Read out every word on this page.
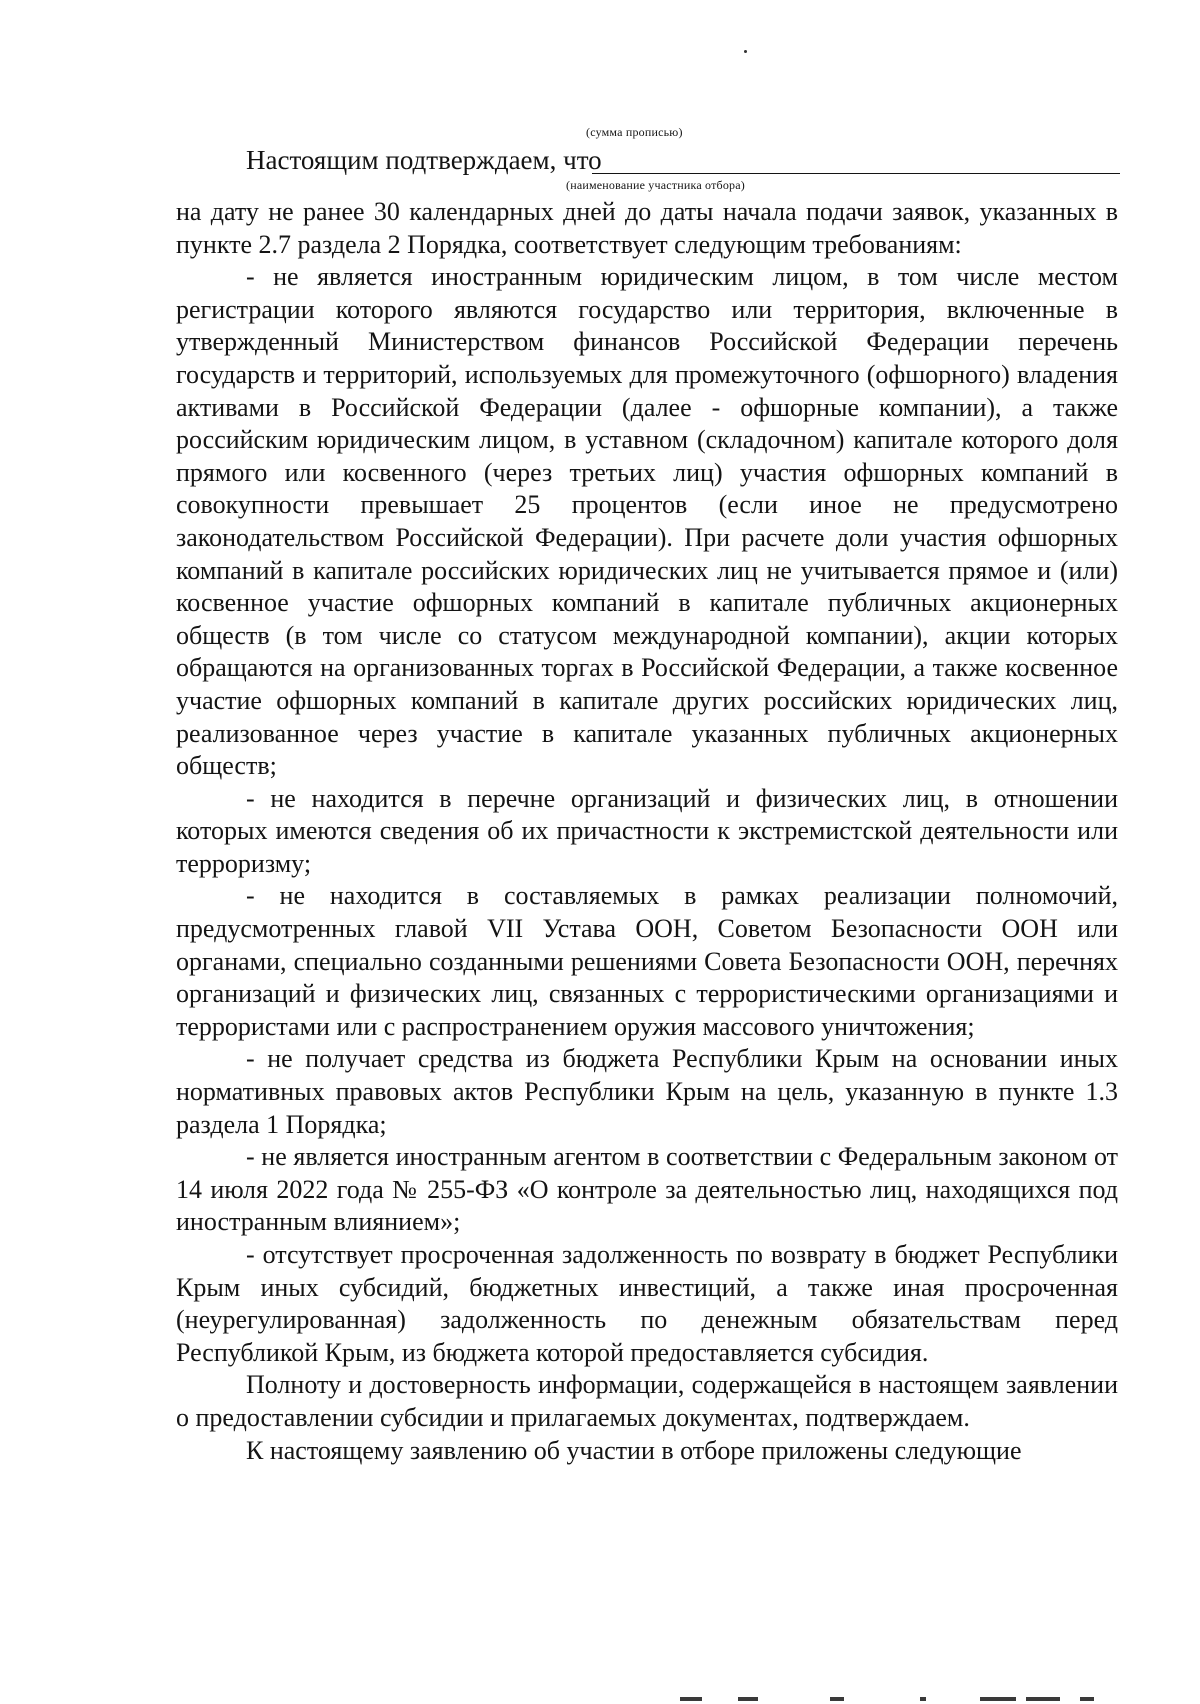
(сумма прописью)
Настоящим подтверждаем, что
(наименование участника отбора)

на дату не ранее 30 календарных дней до даты начала подачи заявок, указанных в пункте 2.7 раздела 2 Порядка, соответствует следующим требованиям:

- не является иностранным юридическим лицом, в том числе местом регистрации которого являются государство или территория, включенные в утвержденный Министерством финансов Российской Федерации перечень государств и территорий, используемых для промежуточного (офшорного) владения активами в Российской Федерации (далее - офшорные компании), а также российским юридическим лицом, в уставном (складочном) капитале которого доля прямого или косвенного (через третьих лиц) участия офшорных компаний в совокупности превышает 25 процентов (если иное не предусмотрено законодательством Российской Федерации). При расчете доли участия офшорных компаний в капитале российских юридических лиц не учитывается прямое и (или) косвенное участие офшорных компаний в капитале публичных акционерных обществ (в том числе со статусом международной компании), акции которых обращаются на организованных торгах в Российской Федерации, а также косвенное участие офшорных компаний в капитале других российских юридических лиц, реализованное через участие в капитале указанных публичных акционерных обществ;

- не находится в перечне организаций и физических лиц, в отношении которых имеются сведения об их причастности к экстремистской деятельности или терроризму;

- не находится в составляемых в рамках реализации полномочий, предусмотренных главой VII Устава ООН, Советом Безопасности ООН или органами, специально созданными решениями Совета Безопасности ООН, перечнях организаций и физических лиц, связанных с террористическими организациями и террористами или с распространением оружия массового уничтожения;

- не получает средства из бюджета Республики Крым на основании иных нормативных правовых актов Республики Крым на цель, указанную в пункте 1.3 раздела 1 Порядка;

- не является иностранным агентом в соответствии с Федеральным законом от 14 июля 2022 года № 255-ФЗ «О контроле за деятельностью лиц, находящихся под иностранным влиянием»;

- отсутствует просроченная задолженность по возврату в бюджет Республики Крым иных субсидий, бюджетных инвестиций, а также иная просроченная (неурегулированная) задолженность по денежным обязательствам перед Республикой Крым, из бюджета которой предоставляется субсидия.

Полноту и достоверность информации, содержащейся в настоящем заявлении о предоставлении субсидии и прилагаемых документах, подтверждаем.

К настоящему заявлению об участии в отборе приложены следующие
